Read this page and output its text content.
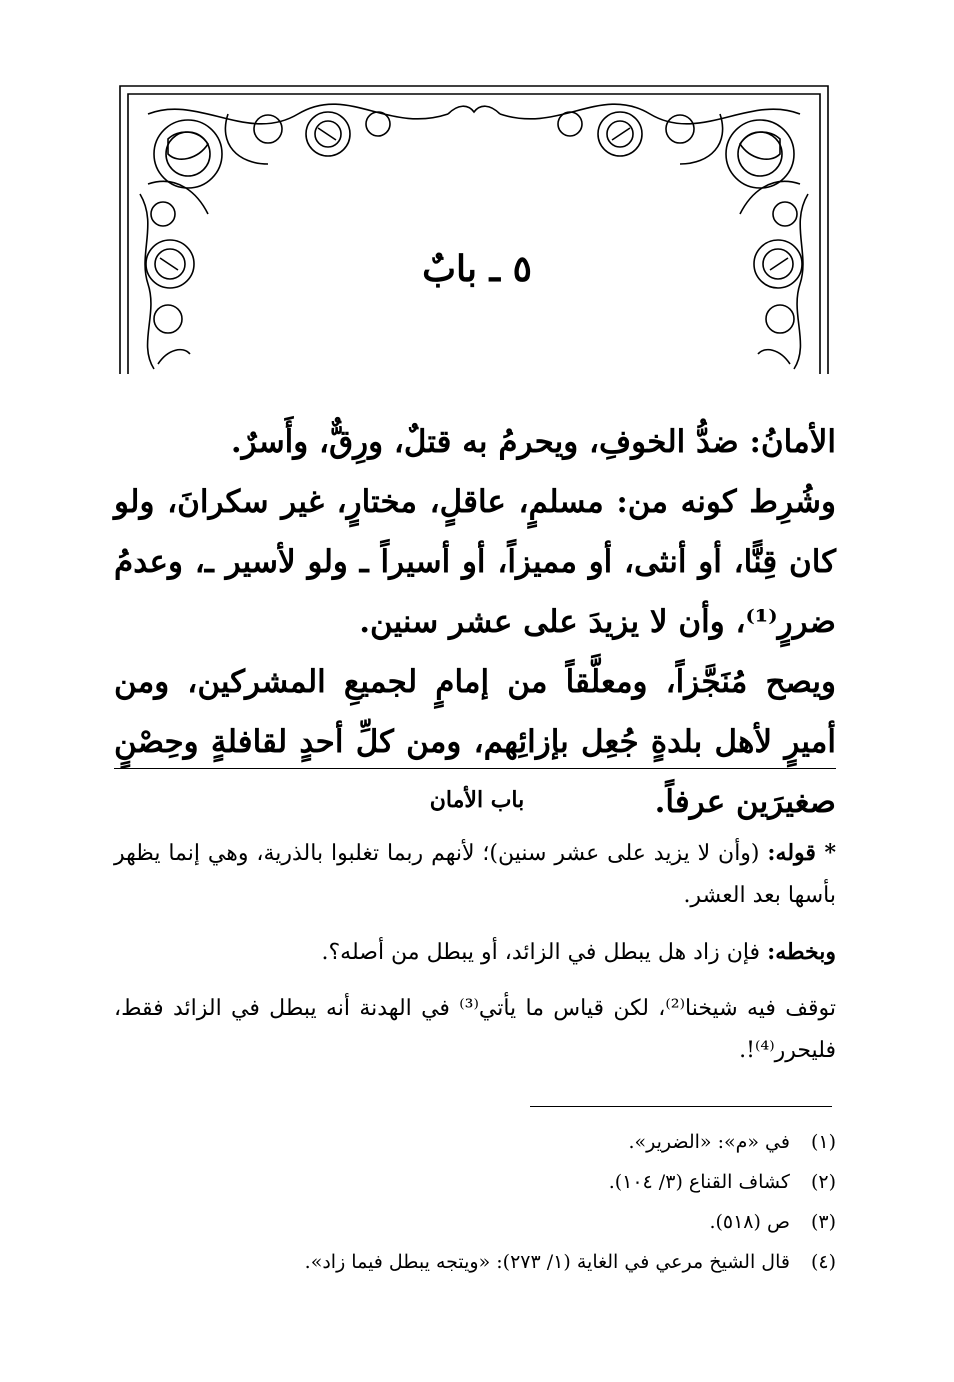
٥ ـ بابٌ

الأمانُ: ضدُّ الخوفِ، ويحرمُ به قتلٌ، ورِقٌّ، وأَسرٌ.

وشُرِط كونه من: مسلمٍ، عاقلٍ، مختارٍ، غير سكرانَ، ولو كان قِنًّا، أو أنثى، أو مميزاً، أو أسيراً ـ ولو لأسير ـ، وعدمُ ضررٍ⁽¹⁾، وأن لا يزيدَ على عشر سنين.

ويصح مُنَجَّزاً، ومعلَّقاً من إمامٍ لجميعِ المشركين، ومن أميرٍ لأهل بلدةٍ جُعِل بإزائِهم، ومن كلِّ أحدٍ لقافلةٍ وحِصْنٍ صغيرَين عرفاً.

باب الأمان

* قوله: (وأن لا يزيد على عشر سنين)؛ لأنهم ربما تغلبوا بالذرية، وهي إنما يظهر بأسها بعد العشر.

وبخطه: فإن زاد هل يبطل في الزائد، أو يبطل من أصله؟.

توقف فيه شيخنا⁽²⁾، لكن قياس ما يأتي⁽³⁾ في الهدنة أنه يبطل في الزائد فقط، فليحرر⁽⁴⁾!.

(١) في «م»: «الضرير».
(٢) كشاف القناع (٣/ ١٠٤).
(٣) ص (٥١٨).
(٤) قال الشيخ مرعي في الغاية (١/ ٢٧٣): «ويتجه يبطل فيما زاد».
